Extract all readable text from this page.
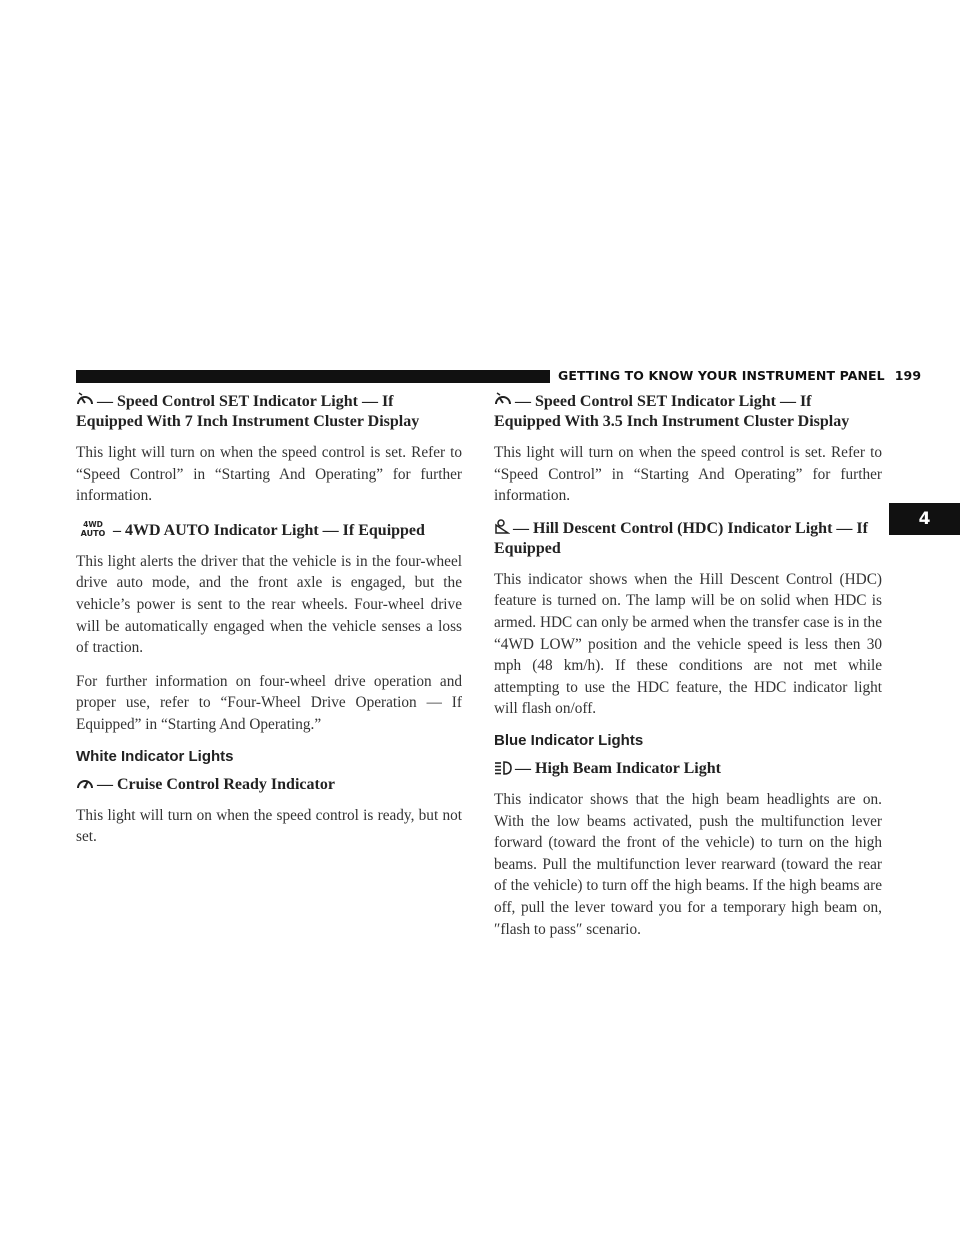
GETTING TO KNOW YOUR INSTRUMENT PANEL 199
4
— Speed Control SET Indicator Light — If Equipped With 7 Inch Instrument Cluster Display

This light will turn on when the speed control is set. Refer to “Speed Control” in “Starting And Operating” for further information.

4WD
AUTO – 4WD AUTO Indicator Light — If Equipped

This light alerts the driver that the vehicle is in the four-wheel drive auto mode, and the front axle is engaged, but the vehicle’s power is sent to the rear wheels. Four-wheel drive will be automatically engaged when the vehicle senses a loss of traction.

For further information on four-wheel drive operation and proper use, refer to “Four-Wheel Drive Operation — If Equipped” in “Starting And Operating.”

White Indicator Lights
— Cruise Control Ready Indicator

This light will turn on when the speed control is ready, but not set.

— Speed Control SET Indicator Light — If Equipped With 3.5 Inch Instrument Cluster Display

This light will turn on when the speed control is set. Refer to “Speed Control” in “Starting And Operating” for further information.

— Hill Descent Control (HDC) Indicator Light — If Equipped

This indicator shows when the Hill Descent Control (HDC) feature is turned on. The lamp will be on solid when HDC is armed. HDC can only be armed when the transfer case is in the “4WD LOW” position and the vehicle speed is less then 30 mph (48 km/h). If these conditions are not met while attempting to use the HDC feature, the HDC indicator light will flash on/off.

Blue Indicator Lights
— High Beam Indicator Light

This indicator shows that the high beam headlights are on. With the low beams activated, push the multifunction lever forward (toward the front of the vehicle) to turn on the high beams. Pull the multifunction lever rearward (toward the rear of the vehicle) to turn off the high beams. If the high beams are off, pull the lever toward you for a temporary high beam on, ″flash to pass″ scenario.
